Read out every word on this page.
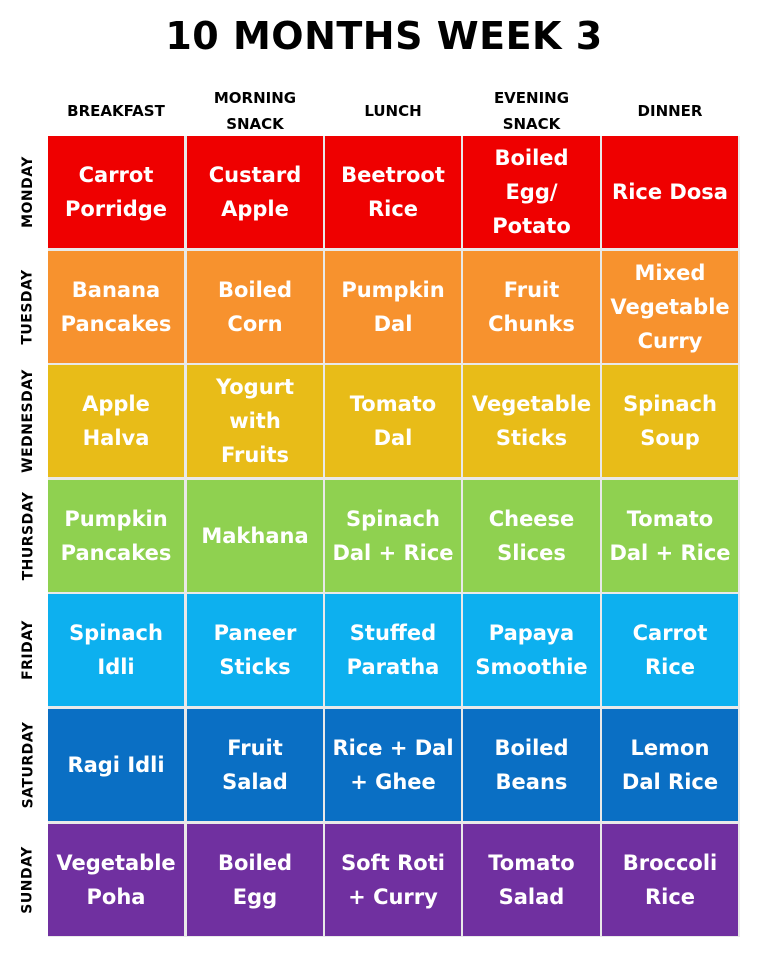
10 MONTHS WEEK 3
BREAKFAST
MORNING
SNACK
LUNCH
EVENING
SNACK
DINNER
MONDAY
TUESDAY
WEDNESDAY
THURSDAY
FRIDAY
SATURDAY
SUNDAY
Carrot
Porridge
Custard
Apple
Beetroot
Rice
Boiled
Egg/
Potato
Rice Dosa
Banana
Pancakes
Boiled
Corn
Pumpkin
Dal
Fruit
Chunks
Mixed
Vegetable
Curry
Apple
Halva
Yogurt
with
Fruits
Tomato
Dal
Vegetable
Sticks
Spinach
Soup
Pumpkin
Pancakes
Makhana
Spinach
Dal + Rice
Cheese
Slices
Tomato
Dal + Rice
Spinach
Idli
Paneer
Sticks
Stuffed
Paratha
Papaya
Smoothie
Carrot
Rice
Ragi Idli
Fruit
Salad
Rice + Dal
+ Ghee
Boiled
Beans
Lemon
Dal Rice
Vegetable
Poha
Boiled
Egg
Soft Roti
+ Curry
Tomato
Salad
Broccoli
Rice
